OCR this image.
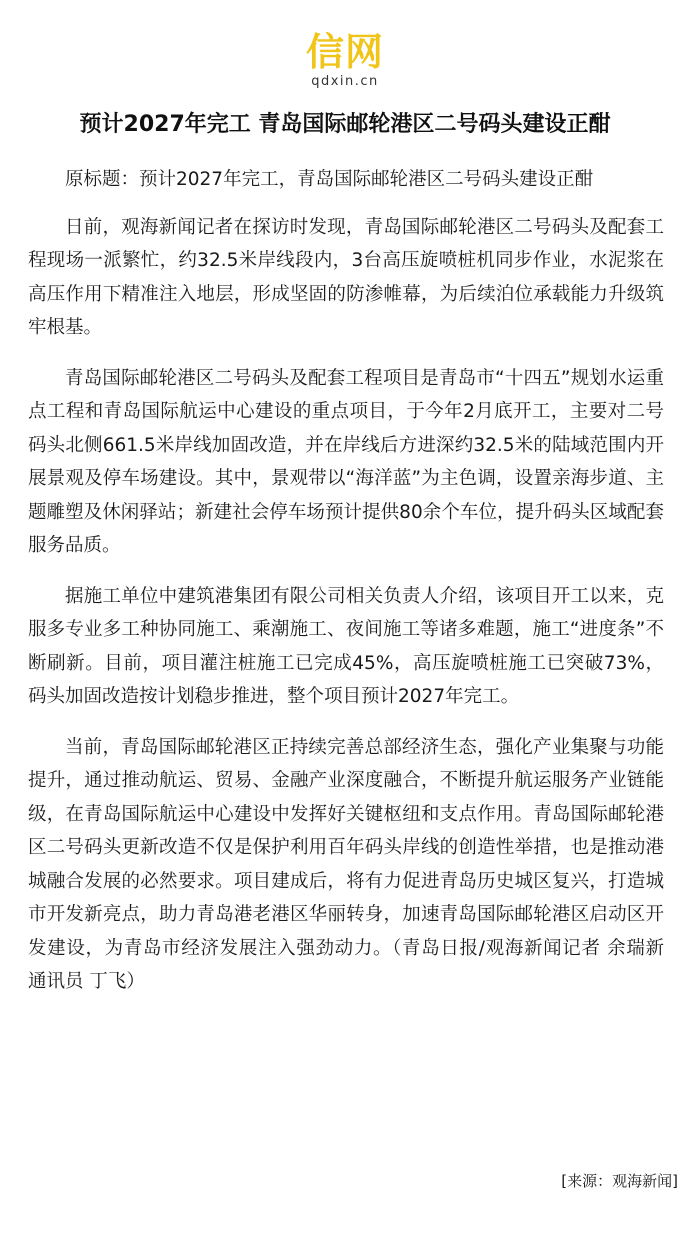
信网
qdxin.cn
预计2027年完工 青岛国际邮轮港区二号码头建设正酣

原标题：预计2027年完工，青岛国际邮轮港区二号码头建设正酣

日前，观海新闻记者在探访时发现，青岛国际邮轮港区二号码头及配套工程现场一派繁忙，约32.5米岸线段内，3台高压旋喷桩机同步作业，水泥浆在高压作用下精准注入地层，形成坚固的防渗帷幕，为后续泊位承载能力升级筑牢根基。

青岛国际邮轮港区二号码头及配套工程项目是青岛市“十四五”规划水运重点工程和青岛国际航运中心建设的重点项目，于今年2月底开工，主要对二号码头北侧661.5米岸线加固改造，并在岸线后方进深约32.5米的陆域范围内开展景观及停车场建设。其中，景观带以“海洋蓝”为主色调，设置亲海步道、主题雕塑及休闲驿站；新建社会停车场预计提供80余个车位，提升码头区域配套服务品质。

据施工单位中建筑港集团有限公司相关负责人介绍，该项目开工以来，克服多专业多工种协同施工、乘潮施工、夜间施工等诸多难题，施工“进度条”不断刷新。目前，项目灌注桩施工已完成45%，高压旋喷桩施工已突破73%，码头加固改造按计划稳步推进，整个项目预计2027年完工。

当前，青岛国际邮轮港区正持续完善总部经济生态，强化产业集聚与功能提升，通过推动航运、贸易、金融产业深度融合，不断提升航运服务产业链能级，在青岛国际航运中心建设中发挥好关键枢纽和支点作用。青岛国际邮轮港区二号码头更新改造不仅是保护利用百年码头岸线的创造性举措，也是推动港城融合发展的必然要求。项目建成后，将有力促进青岛历史城区复兴，打造城市开发新亮点，助力青岛港老港区华丽转身，加速青岛国际邮轮港区启动区开发建设，为青岛市经济发展注入强劲动力。（青岛日报/观海新闻记者 余瑞新 通讯员 丁飞）

[来源：观海新闻]
